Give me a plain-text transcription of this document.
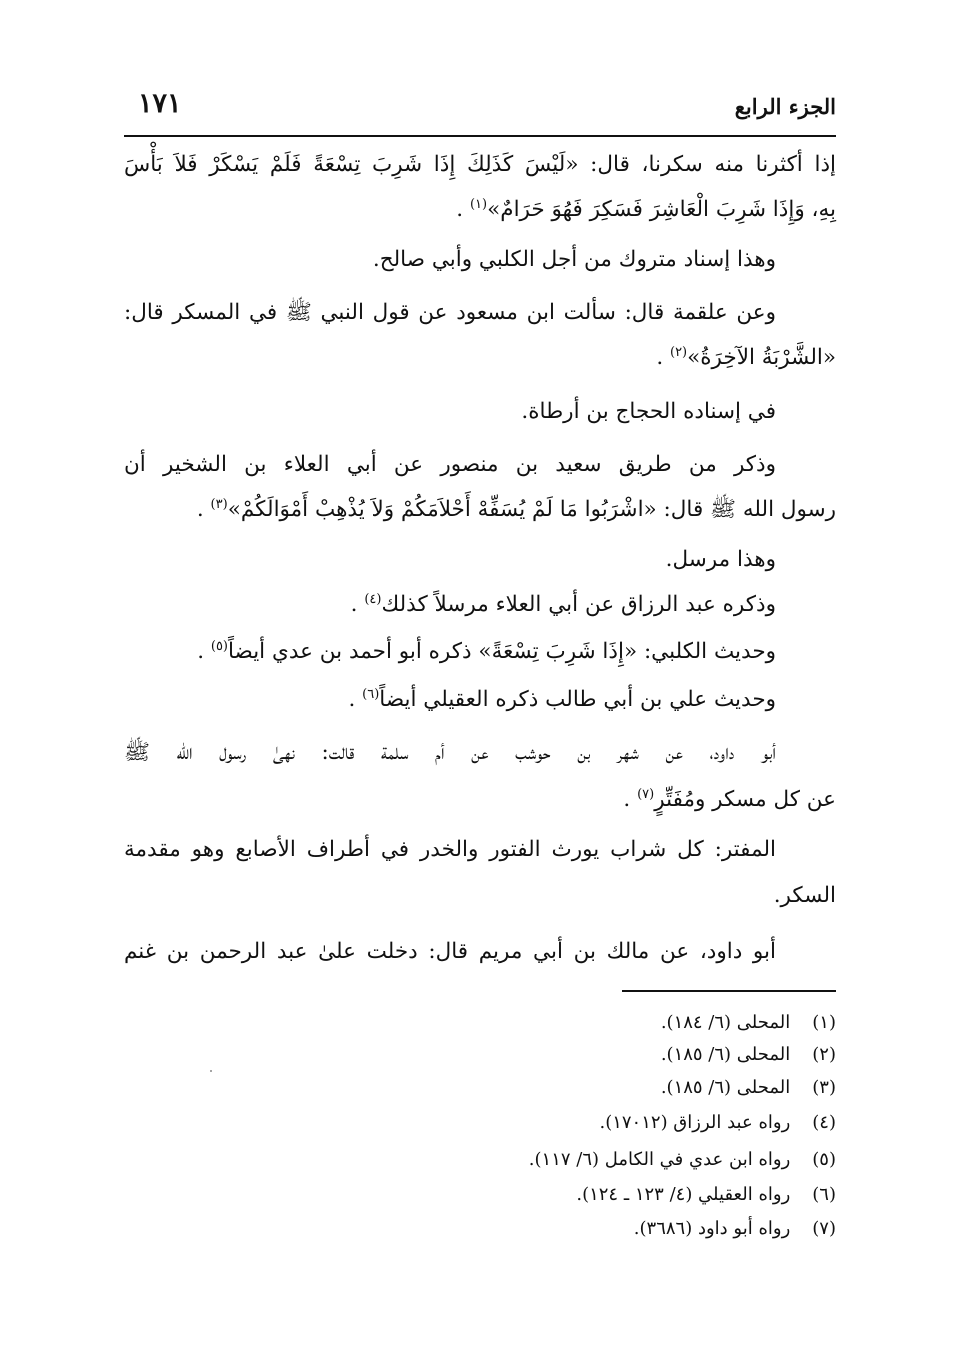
الجزء الرابع
١٧١
إذا أكثرنا منه سكرنا، قال: «لَيْسَ كَذَلِكَ إِذَا شَرِبَ تِسْعَةً فَلَمْ يَسْكَرْ فَلاَ بَأْسَ
بِهِ، وَإِذَا شَرِبَ الْعَاشِرَ فَسَكِرَ فَهُوَ حَرَامٌ»$^{(١)}$ .
وهذا إسناد متروك من أجل الكلبي وأبي صالح.
وعن علقمة قال: سألت ابن مسعود عن قول النبي ﷺ في المسكر قال:
«الشَّرْبَةُ الآخِرَةُ»$^{(٢)}$ .
في إسناده الحجاج بن أرطاة.
وذكر من طريق سعيد بن منصور عن أبي العلاء بن الشخير أن
رسول الله ﷺ قال: «اشْرَبُوا مَا لَمْ يُسَفِّهْ أَحْلاَمَكُمْ وَلاَ يُذْهِبْ أَمْوَالَكُمْ»$^{(٣)}$ .
وهذا مرسل.
وذكره عبد الرزاق عن أبي العلاء مرسلاً كذلك$^{(٤)}$ .
وحديث الكلبي: «إِذَا شَرِبَ تِسْعَةً» ذكره أبو أحمد بن عدي أيضاً$^{(٥)}$ .
وحديث علي بن أبي طالب ذكره العقيلي أيضاً$^{(٦)}$ .
أبو داود، عن شهر بن حوشب عن أم سلمة قالت: نهىٰ رسول الله ﷺ
عن كل مسكر ومُفَتِّرٍ$^{(٧)}$ .
المفتر: كل شراب يورث الفتور والخدر في أطراف الأصابع وهو مقدمة
السكر.
أبو داود، عن مالك بن أبي مريم قال: دخلت علىٰ عبد الرحمن بن غنم
(١) المحلى (٦/ ١٨٤).
(٢) المحلى (٦/ ١٨٥).
(٣) المحلى (٦/ ١٨٥).
(٤) رواه عبد الرزاق (١٧٠١٢).
(٥) رواه ابن عدي في الكامل (٦/ ١١٧).
(٦) رواه العقيلي (٤/ ١٢٣ ـ ١٢٤).
(٧) رواه أبو داود (٣٦٨٦).
